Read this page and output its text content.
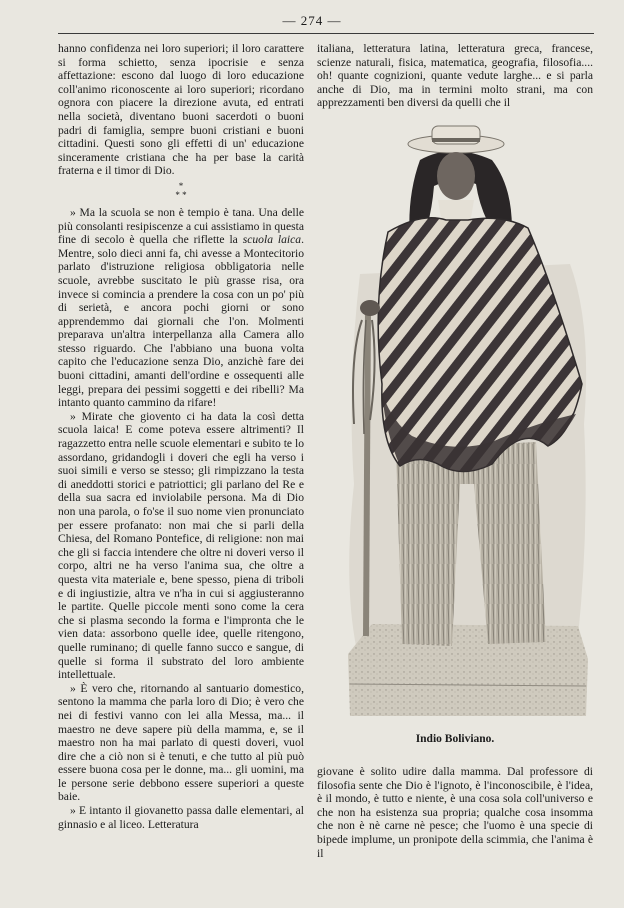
— 274 —

hanno confidenza nei loro superiori; il loro carattere si forma schietto, senza ipocrisie e senza affettazione: escono dal luogo di loro educazione coll'animo riconoscente ai loro superiori; ricordano ognora con piacere la direzione avuta, ed entrati nella società, diventano buoni sacerdoti o buoni padri di famiglia, sempre buoni cristiani e buoni cittadini. Questi sono gli effetti di un' educazione sinceramente cristiana che ha per base la carità fraterna e il timor di Dio.

*
* *

» Ma la scuola se non è tempio è tana. Una delle più consolanti resipiscenze a cui assistiamo in questa fine di secolo è quella che riflette la scuola laica. Mentre, solo dieci anni fa, chi avesse a Montecitorio parlato d'istruzione religiosa obbligatoria nelle scuole, avrebbe suscitato le più grasse risa, ora invece si comincia a prendere la cosa con un po' più di serietà, e ancora pochi giorni or sono apprendemmo dai giornali che l'on. Molmenti preparava un'altra interpellanza alla Camera allo stesso riguardo. Che l'abbiano una buona volta capito che l'educazione senza Dio, anzichè fare dei buoni cittadini, amanti dell'ordine e ossequenti alle leggi, prepara dei pessimi soggetti e dei ribelli? Ma intanto quanto cammino da rifare!

» Mirate che giovento ci ha data la così detta scuola laica! E come poteva essere altrimenti? Il ragazzetto entra nelle scuole elementari e subito te lo assordano, gridandogli i doveri che egli ha verso i suoi simili e verso se stesso; gli rimpizzano la testa di aneddotti storici e patriottici; gli parlano del Re e della sua sacra ed inviolabile persona. Ma di Dio non una parola, o fo'se il suo nome vien pronunciato per essere profanato: non mai che si parli della Chiesa, del Romano Pontefice, di religione: non mai che gli si faccia intendere che oltre ni doveri verso il corpo, altri ne ha verso l'anima sua, che oltre a questa vita materiale e, bene spesso, piena di triboli e di ingiustizie, altra ve n'ha in cui si aggiusteranno le partite. Quelle piccole menti sono come la cera che si plasma secondo la forma e l'impronta che le vien data: assorbono quelle idee, quelle ritengono, quelle ruminano; di quelle fanno succo e sangue, di quelle si forma il substrato del loro ambiente intellettuale.

» È vero che, ritornando al santuario domestico, sentono la mamma che parla loro di Dio; è vero che nei di festivi vanno con lei alla Messa, ma... il maestro ne deve sapere più della mamma, e, se il maestro non ha mai parlato di questi doveri, vuol dire che a ciò non si è tenuti, e che tutto al più può essere buona cosa per le donne, ma... gli uomini, ma le persone serie debbono essere superiori a queste baie.

» E intanto il giovanetto passa dalle elementari, al ginnasio e al liceo. Letteratura

italiana, letteratura latina, letteratura greca, francese, scienze naturali, fisica, matematica, geografia, filosofia.... oh! quante cognizioni, quante vedute larghe... e si parla anche di Dio, ma in termini molto strani, ma con apprezzamenti ben diversi da quelli che il
Indio Boliviano.
giovane è solito udire dalla mamma. Dal professore di filosofia sente che Dio è l'ignoto, è l'inconoscibile, è l'idea, è il mondo, è tutto e niente, è una cosa sola coll'universo e che non ha esistenza sua propria; qualche cosa insomma che non è nè carne nè pesce; che l'uomo è una specie di bipede implume, un pronipote della scimmia, che l'anima è il
